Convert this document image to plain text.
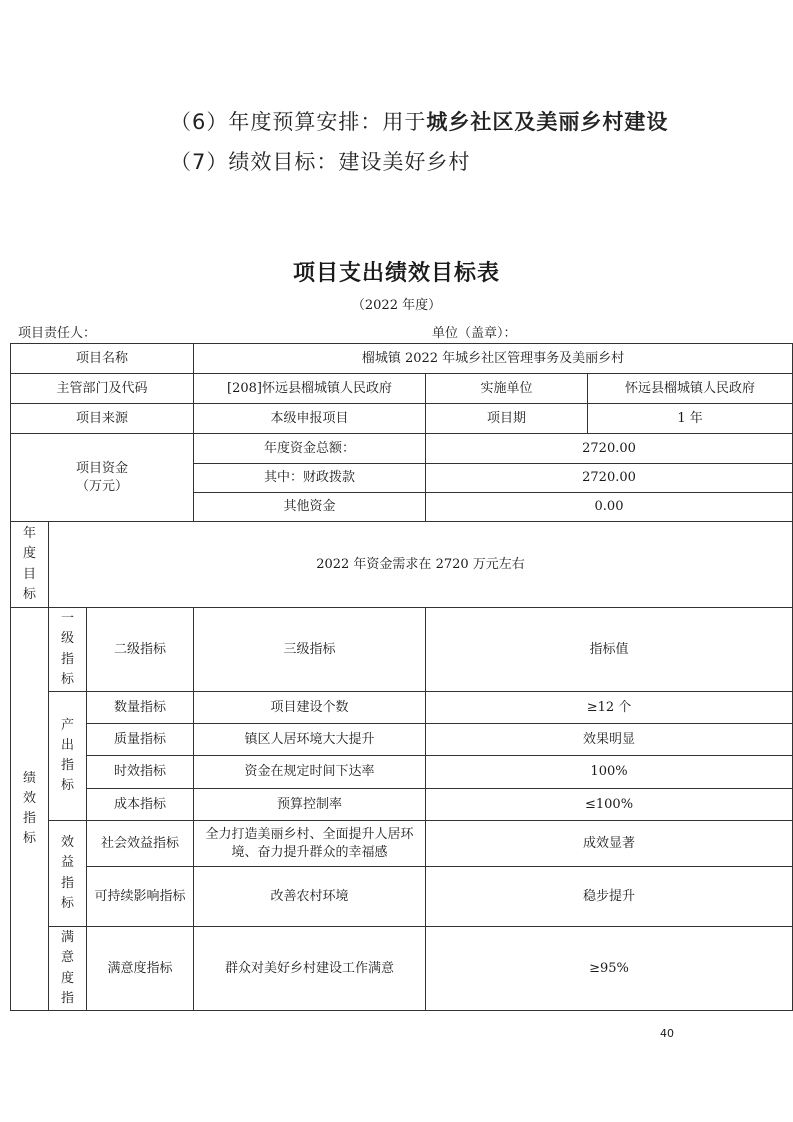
（6）年度预算安排：用于城乡社区及美丽乡村建设
（7）绩效目标：建设美好乡村
项目支出绩效目标表
（2022 年度）
项目责任人：	单位（盖章）：
项目名称			榴城镇 2022 年城乡社区管理事务及美丽乡村		
主管部门及代码			[208]怀远县榴城镇人民政府	实施单位	怀远县榴城镇人民政府
项目来源			本级申报项目	项目期	1 年

项目资金
（万元）			年度资金总额：	2720.00	
			其中：财政拨款	2720.00	
			其他资金	0.00	

年度目标	2022 年资金需求在 2720 万元左右				

绩效指标	一级指标	二级指标	三级指标	指标值	

	产出指标	数量指标	项目建设个数	≥12 个	
		质量指标	镇区人居环境大大提升	效果明显	
		时效指标	资金在规定时间下达率	100%	
		成本指标	预算控制率	≤100%	

	效益指标	社会效益指标	全力打造美丽乡村、全面提升人居环境、奋力提升群众的幸福感	成效显著	
		可持续影响指标	改善农村环境	稳步提升	

	满意度指	满意度指标	群众对美好乡村建设工作满意	≥95%	
40
